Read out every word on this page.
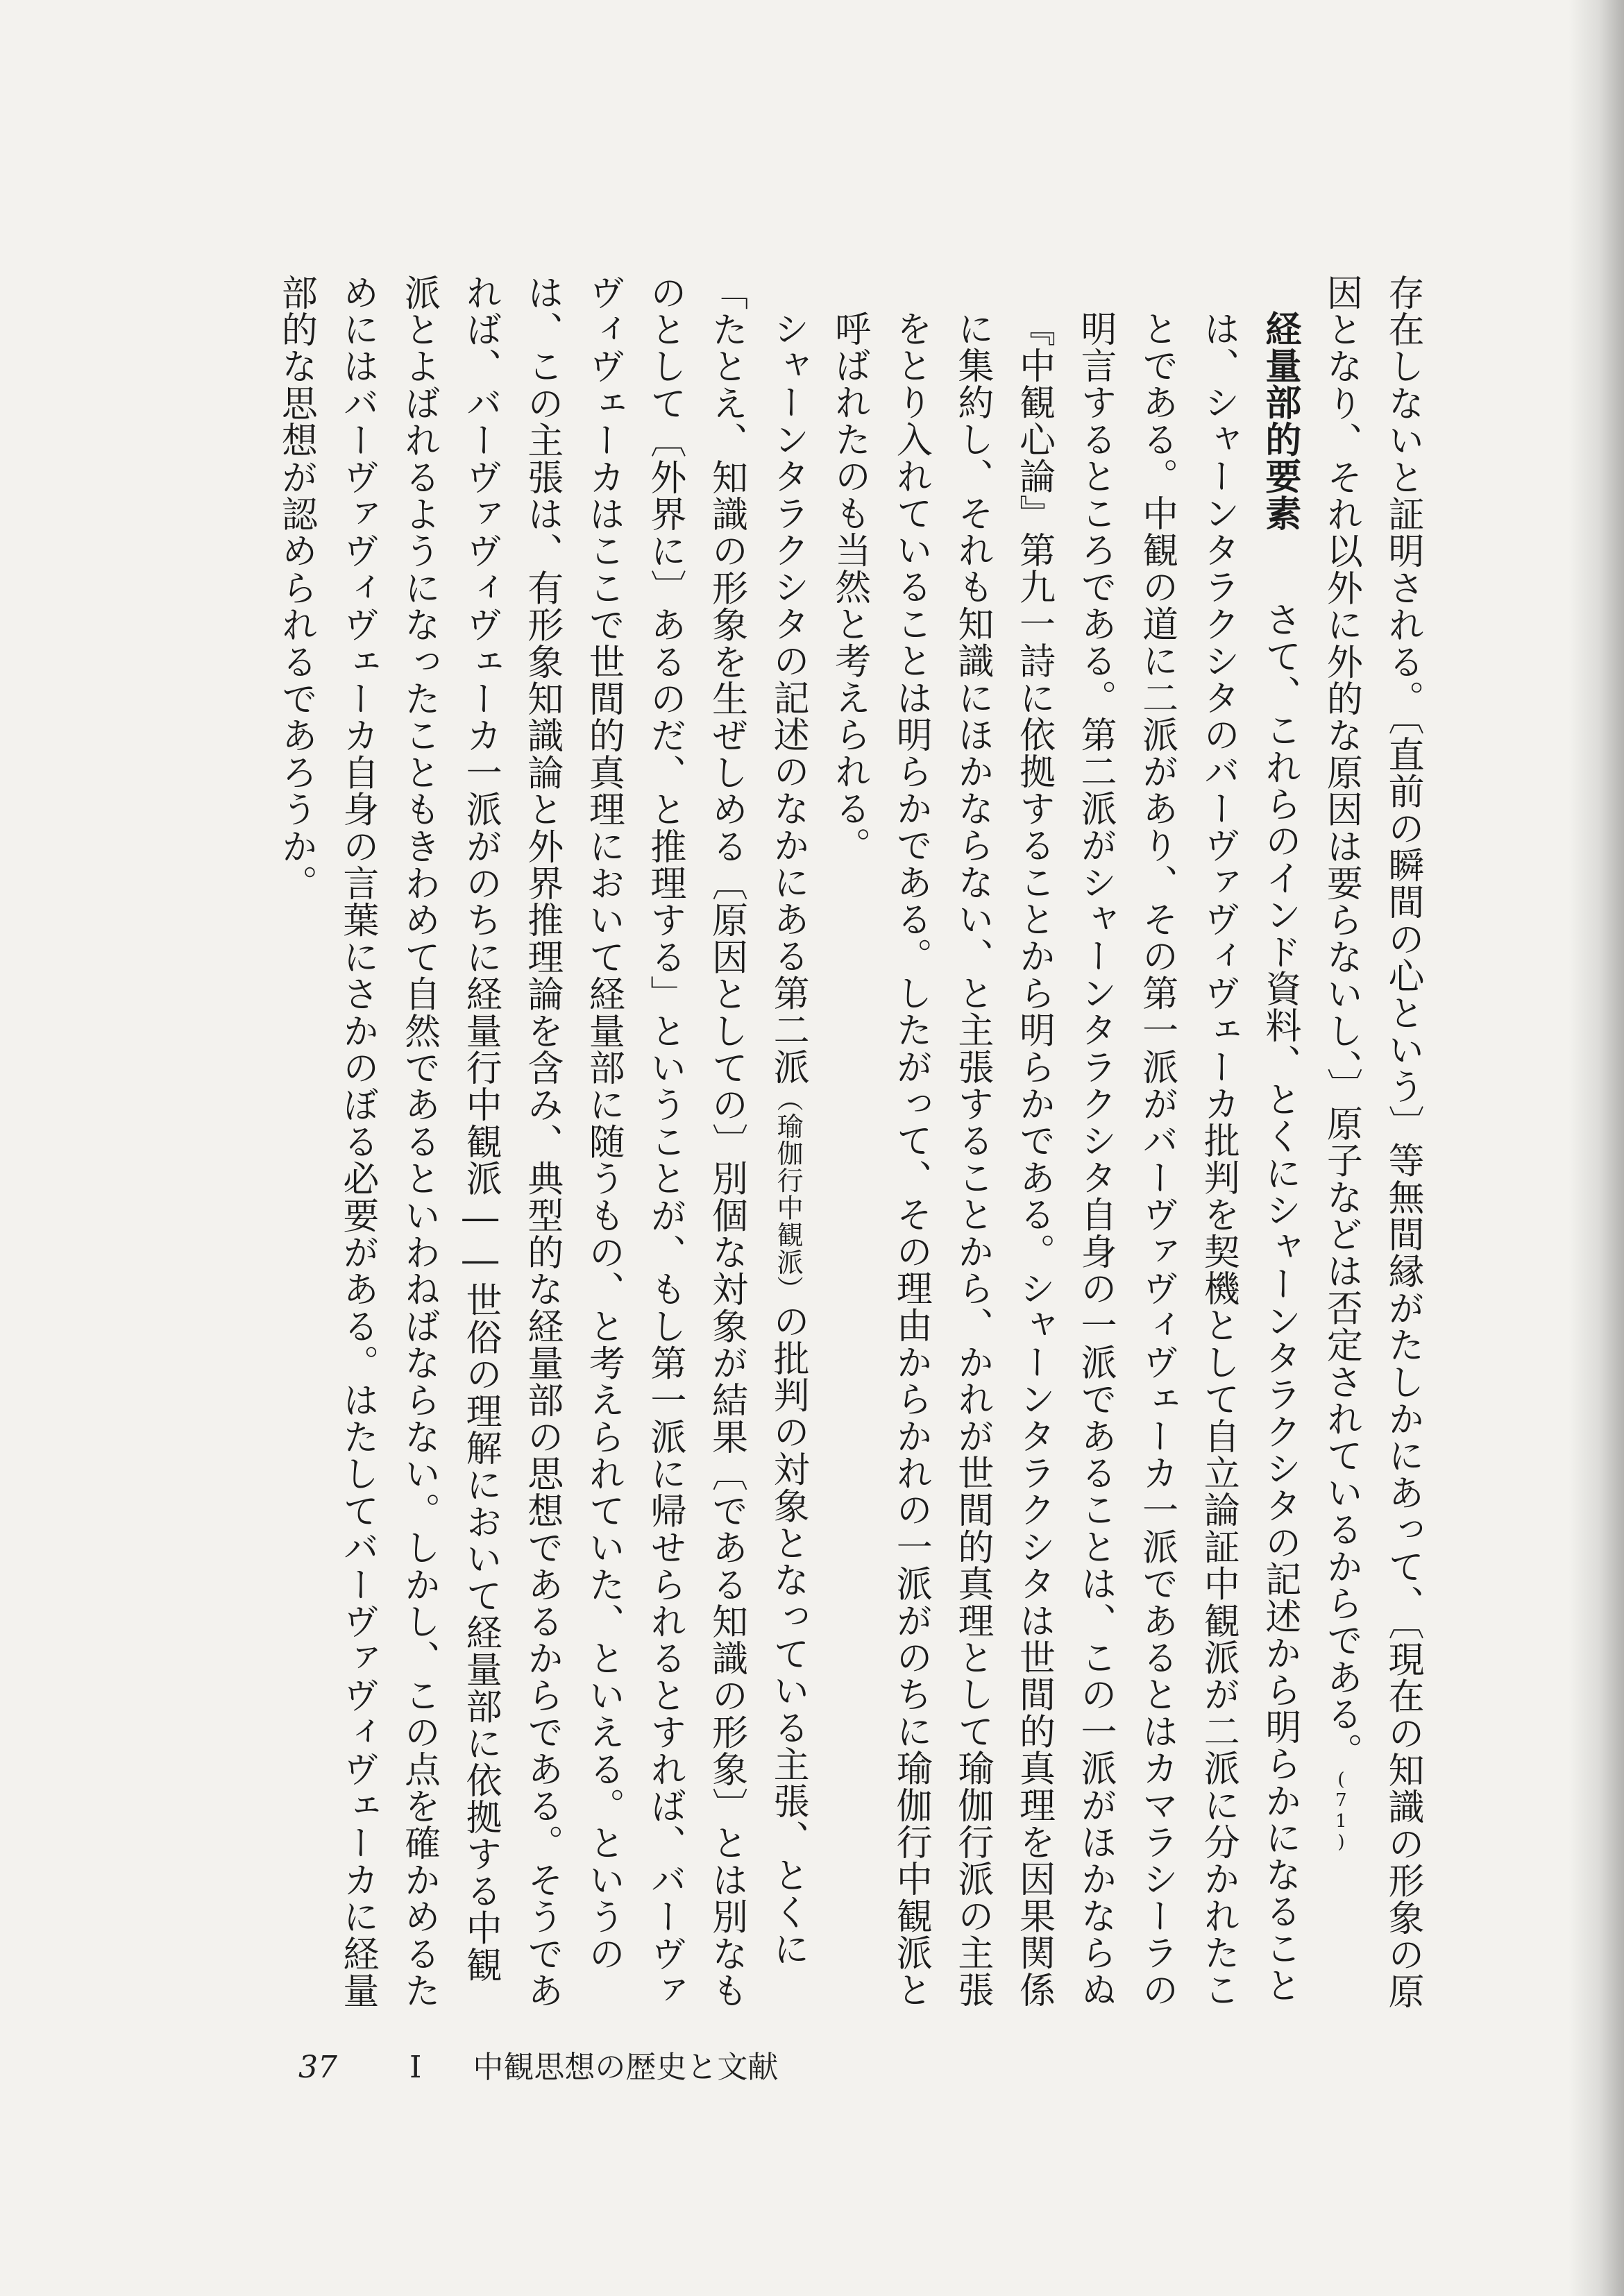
存在しないと証明される。〔直前の瞬間の心という〕等無間縁がたしかにあって、〔現在の知識の形象の原因となり、それ以外に外的な原因は要らないし、〕原子などは否定されているからである。(71)

経量部的要素　さて、これらのインド資料、とくにシャーンタラクシタの記述から明らかになることは、シャーンタラクシタのバーヴァヴィヴェーカ批判を契機として自立論証中観派が二派に分かれたことである。中観の道に二派があり、その第一派がバーヴァヴィヴェーカ一派であるとはカマラシーラの明言するところである。第二派がシャーンタラクシタ自身の一派であることは、この一派がほかならぬ『中観心論』第九一詩に依拠することから明らかである。シャーンタラクシタは世間的真理を因果関係に集約し、それも知識にほかならない、と主張することから、かれが世間的真理として瑜伽行派の主張をとり入れていることは明らかである。したがって、その理由からかれの一派がのちに瑜伽行中観派と呼ばれたのも当然と考えられる。

シャーンタラクシタの記述のなかにある第二派（瑜伽行中観派）の批判の対象となっている主張、とくに「たとえ、知識の形象を生ぜしめる〔原因としての〕別個な対象が結果〔である知識の形象〕とは別なものとして〔外界に〕あるのだ、と推理する」ということが、もし第一派に帰せられるとすれば、バーヴァヴィヴェーカはここで世間的真理において経量部に随うもの、と考えられていた、といえる。というのは、この主張は、有形象知識論と外界推理論を含み、典型的な経量部の思想であるからである。そうであれば、バーヴァヴィヴェーカ一派がのちに経量行中観派――世俗の理解において経量部に依拠する中観派とよばれるようになったこともきわめて自然であるといわねばならない。しかし、この点を確かめるためにはバーヴァヴィヴェーカ自身の言葉にさかのぼる必要がある。はたしてバーヴァヴィヴェーカに経量部的な思想が認められるであろうか。

37 I 中観思想の歴史と文献
